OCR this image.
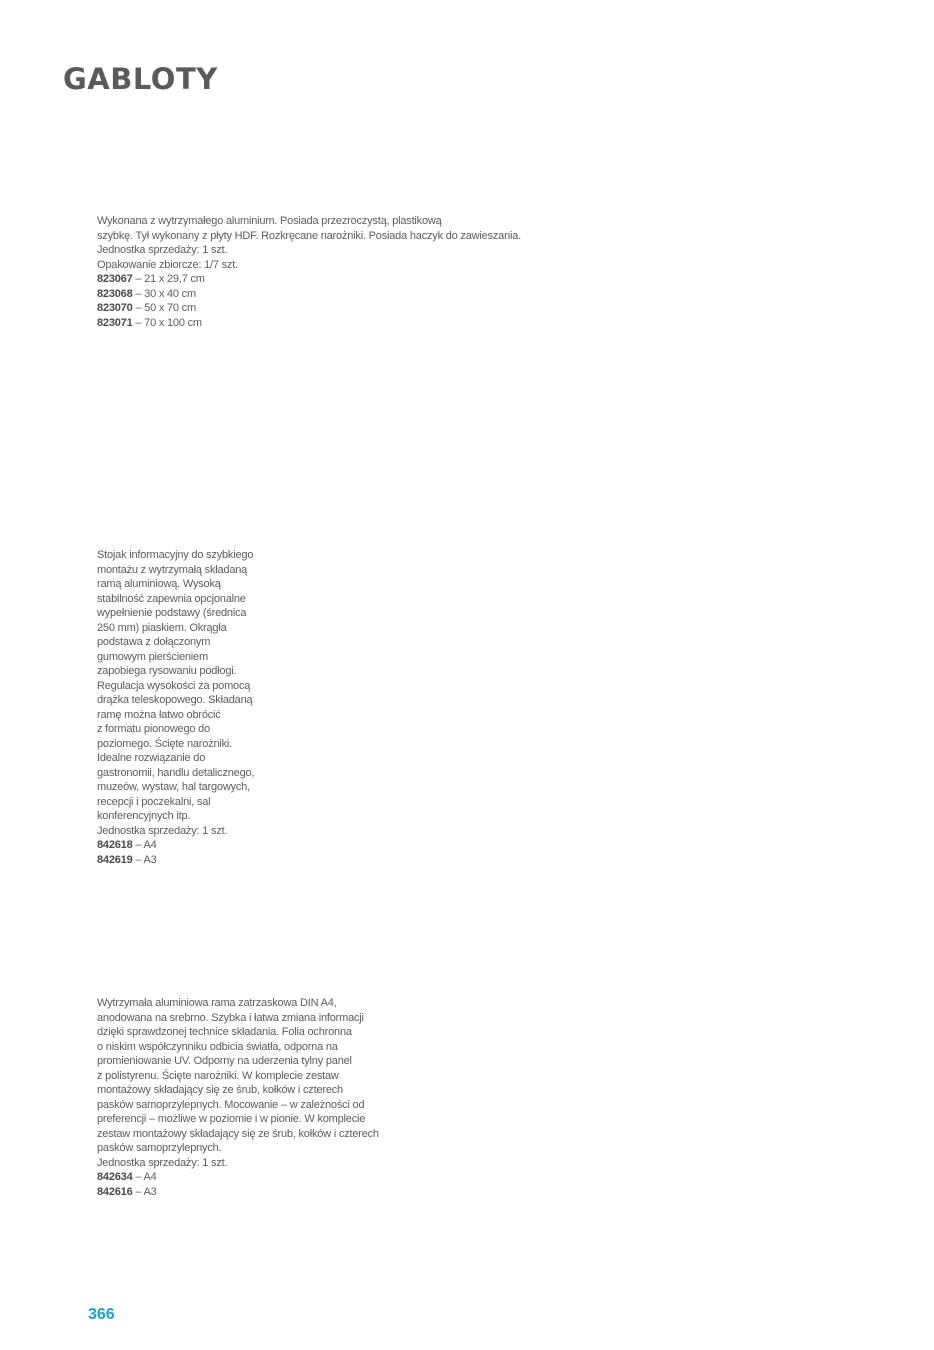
GABLOTY
Wykonana z wytrzymałego aluminium. Posiada przezroczystą, plastikową
szybkę. Tył wykonany z płyty HDF. Rozkręcane narożniki. Posiada haczyk do zawieszania.
Jednostka sprzedaży: 1 szt.
Opakowanie zbiorcze: 1/7 szt.
823067 – 21 x 29,7 cm
823068 – 30 x 40 cm
823070 – 50 x 70 cm
823071 – 70 x 100 cm
Stojak informacyjny do szybkiego
montażu z wytrzymałą składaną
ramą aluminiową. Wysoką
stabilność zapewnia opcjonalne
wypełnienie podstawy (średnica
250 mm) piaskiem. Okrągła
podstawa z dołączonym
gumowym pierścieniem
zapobiega rysowaniu podłogi.
Regulacja wysokości za pomocą
drążka teleskopowego. Składaną
ramę można łatwo obrócić
z formatu pionowego do
poziomego. Ścięte narożniki.
Idealne rozwiązanie do
gastronomii, handlu detalicznego,
muzeów, wystaw, hal targowych,
recepcji i poczekalni, sal
konferencyjnych itp.
Jednostka sprzedaży: 1 szt.
842618 – A4
842619 – A3
Wytrzymała aluminiowa rama zatrzaskowa DIN A4,
anodowana na srebrno. Szybka i łatwa zmiana informacji
dzięki sprawdzonej technice składania. Folia ochronna
o niskim współczynniku odbicia światła, odporna na
promieniowanie UV. Odporny na uderzenia tylny panel
z polistyrenu. Ścięte narożniki. W komplecie zestaw
montażowy składający się ze śrub, kołków i czterech
pasków samoprzylepnych. Mocowanie – w zależności od
preferencji – możliwe w poziomie i w pionie. W komplecie
zestaw montażowy składający się ze śrub, kołków i czterech
pasków samoprzylepnych.
Jednostka sprzedaży: 1 szt.
842634 – A4
842616 – A3
366
